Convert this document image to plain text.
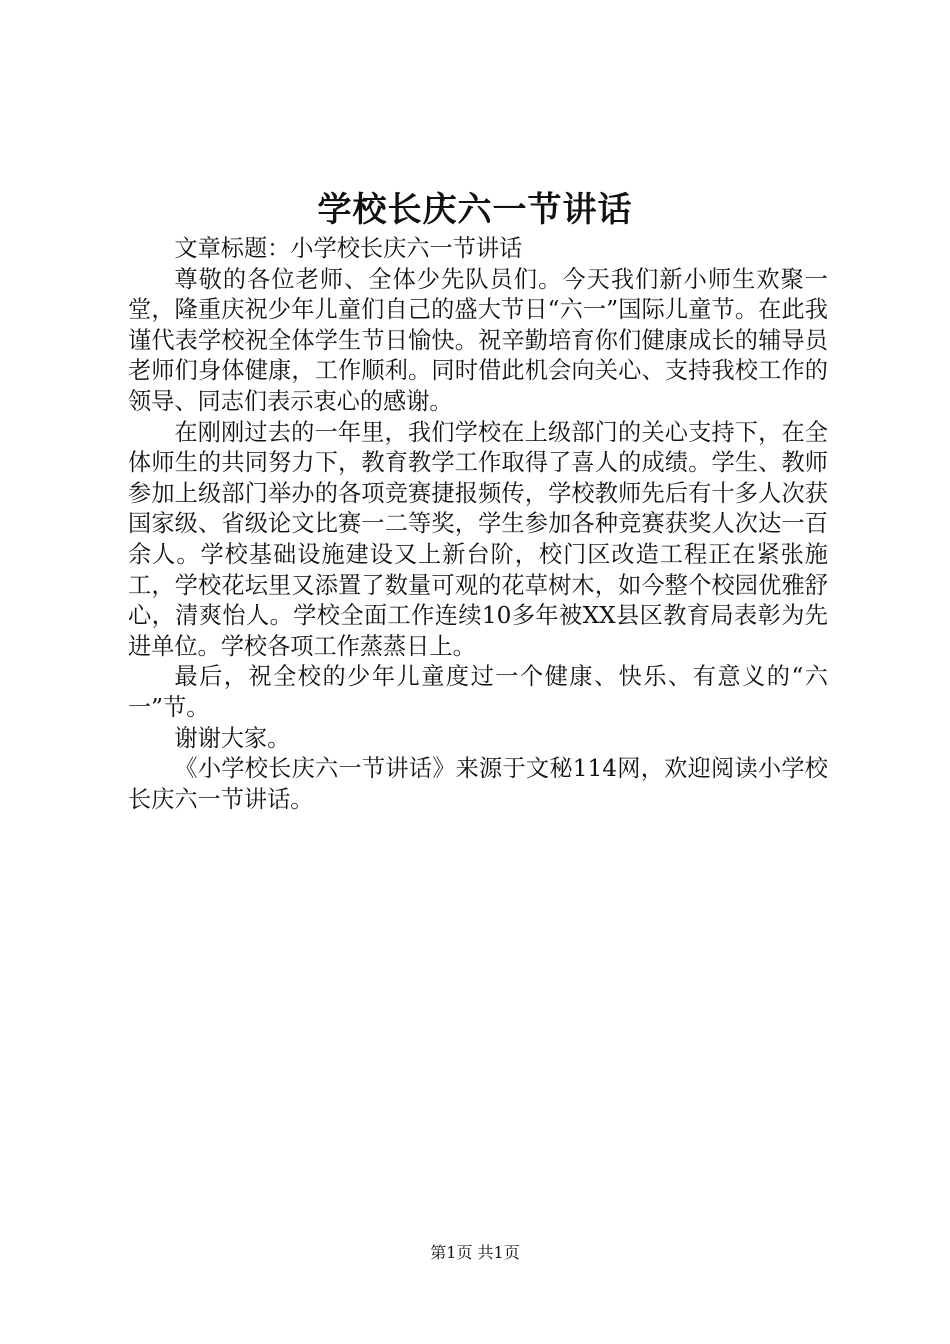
学校长庆六一节讲话

文章标题：小学校长庆六一节讲话

尊敬的各位老师、全体少先队员们。今天我们新小师生欢聚一堂，隆重庆祝少年儿童们自己的盛大节日“六一”国际儿童节。在此我谨代表学校祝全体学生节日愉快。祝辛勤培育你们健康成长的辅导员老师们身体健康，工作顺利。同时借此机会向关心、支持我校工作的领导、同志们表示衷心的感谢。

在刚刚过去的一年里，我们学校在上级部门的关心支持下，在全体师生的共同努力下，教育教学工作取得了喜人的成绩。学生、教师参加上级部门举办的各项竞赛捷报频传，学校教师先后有十多人次获国家级、省级论文比赛一二等奖，学生参加各种竞赛获奖人次达一百余人。学校基础设施建设又上新台阶，校门区改造工程正在紧张施工，学校花坛里又添置了数量可观的花草树木，如今整个校园优雅舒心，清爽怡人。学校全面工作连续10多年被XX县区教育局表彰为先进单位。学校各项工作蒸蒸日上。

最后，祝全校的少年儿童度过一个健康、快乐、有意义的“六一”节。

谢谢大家。

《小学校长庆六一节讲话》来源于文秘114网，欢迎阅读小学校长庆六一节讲话。

第1页 共1页
